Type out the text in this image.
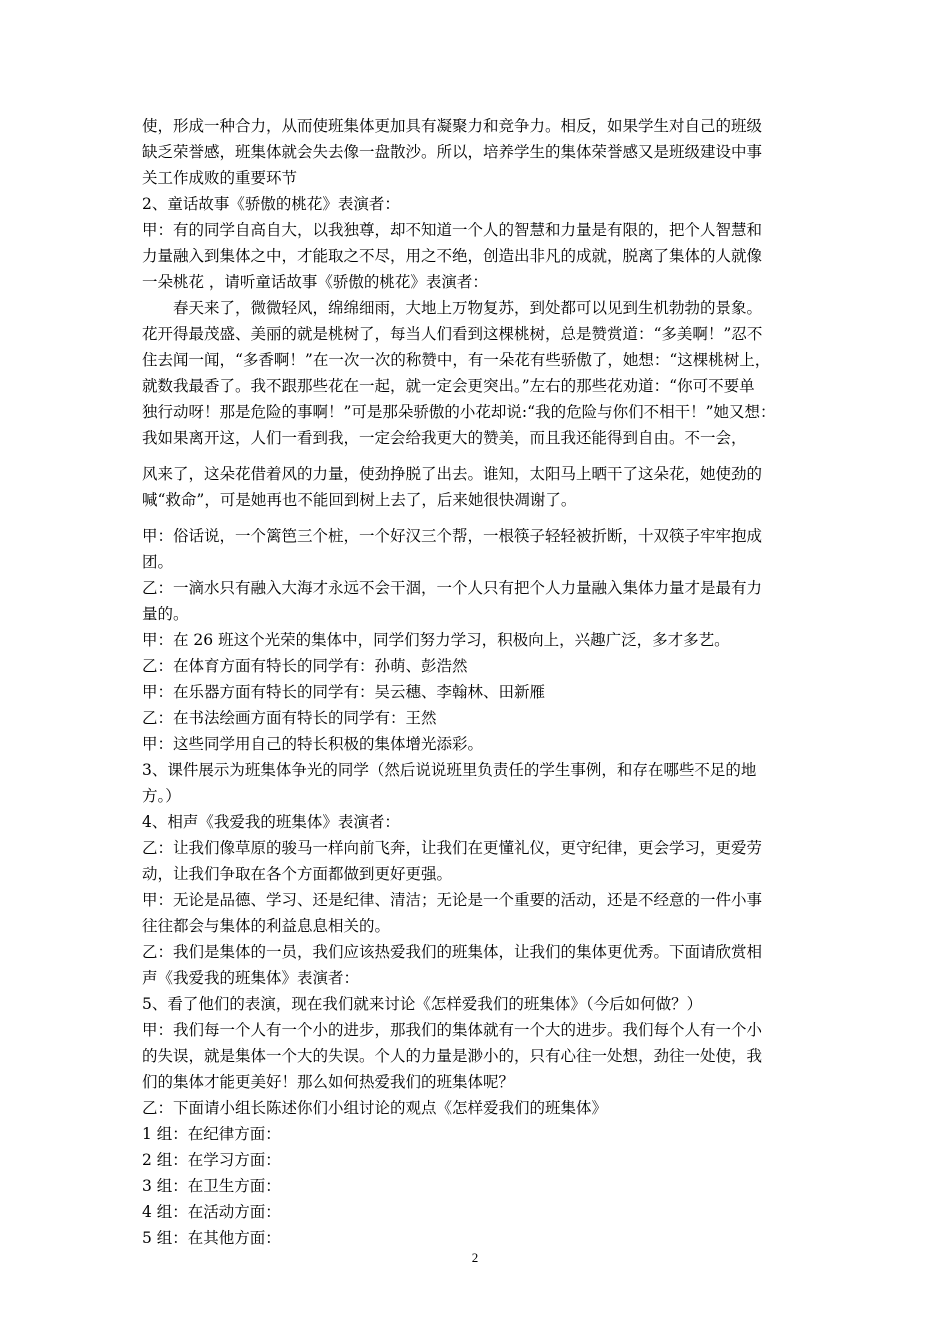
使，形成一种合力，从而使班集体更加具有凝聚力和竞争力。相反，如果学生对自己的班级
缺乏荣誉感，班集体就会失去像一盘散沙。所以，培养学生的集体荣誉感又是班级建设中事
关工作成败的重要环节
2、童话故事《骄傲的桃花》表演者：
甲：有的同学自高自大，以我独尊，却不知道一个人的智慧和力量是有限的，把个人智慧和
力量融入到集体之中，才能取之不尽，用之不绝，创造出非凡的成就，脱离了集体的人就像
一朵桃花 ，请听童话故事《骄傲的桃花》表演者：
　　春天来了，微微轻风，绵绵细雨，大地上万物复苏，到处都可以见到生机勃勃的景象。
花开得最茂盛、美丽的就是桃树了，每当人们看到这棵桃树，总是赞赏道：“多美啊！”忍不
住去闻一闻，“多香啊！”在一次一次的称赞中，有一朵花有些骄傲了，她想：“这棵桃树上，
就数我最香了。我不跟那些花在一起，就一定会更突出。”左右的那些花劝道：“你可不要单
独行动呀！那是危险的事啊！”可是那朵骄傲的小花却说:“我的危险与你们不相干！”她又想：
我如果离开这，人们一看到我，一定会给我更大的赞美，而且我还能得到自由。不一会，
风来了，这朵花借着风的力量，使劲挣脱了出去。谁知，太阳马上晒干了这朵花，她使劲的
喊“救命”，可是她再也不能回到树上去了，后来她很快凋谢了。
甲：俗话说，一个篱笆三个桩，一个好汉三个帮，一根筷子轻轻被折断，十双筷子牢牢抱成
团。
乙：一滴水只有融入大海才永远不会干涸，一个人只有把个人力量融入集体力量才是最有力
量的。
甲：在 26 班这个光荣的集体中，同学们努力学习，积极向上，兴趣广泛，多才多艺。
乙：在体育方面有特长的同学有：孙萌、彭浩然
甲：在乐器方面有特长的同学有：吴云穗、李翰林、田新雁
乙：在书法绘画方面有特长的同学有：王然
甲：这些同学用自己的特长积极的集体增光添彩。
3、课件展示为班集体争光的同学（然后说说班里负责任的学生事例，和存在哪些不足的地
方。）
4、相声《我爱我的班集体》表演者：
乙：让我们像草原的骏马一样向前飞奔，让我们在更懂礼仪，更守纪律，更会学习，更爱劳
动，让我们争取在各个方面都做到更好更强。
甲：无论是品德、学习、还是纪律、清洁；无论是一个重要的活动，还是不经意的一件小事
往往都会与集体的利益息息相关的。
乙：我们是集体的一员，我们应该热爱我们的班集体，让我们的集体更优秀。下面请欣赏相
声《我爱我的班集体》表演者：
5、看了他们的表演，现在我们就来讨论《怎样爱我们的班集体》（今后如何做？）
甲：我们每一个人有一个小的进步，那我们的集体就有一个大的进步。我们每个人有一个小
的失误，就是集体一个大的失误。个人的力量是渺小的，只有心往一处想，劲往一处使，我
们的集体才能更美好！那么如何热爱我们的班集体呢？
乙：下面请小组长陈述你们小组讨论的观点《怎样爱我们的班集体》
1 组：在纪律方面：
2 组：在学习方面：
3 组：在卫生方面：
4 组：在活动方面：
5 组：在其他方面：
2
